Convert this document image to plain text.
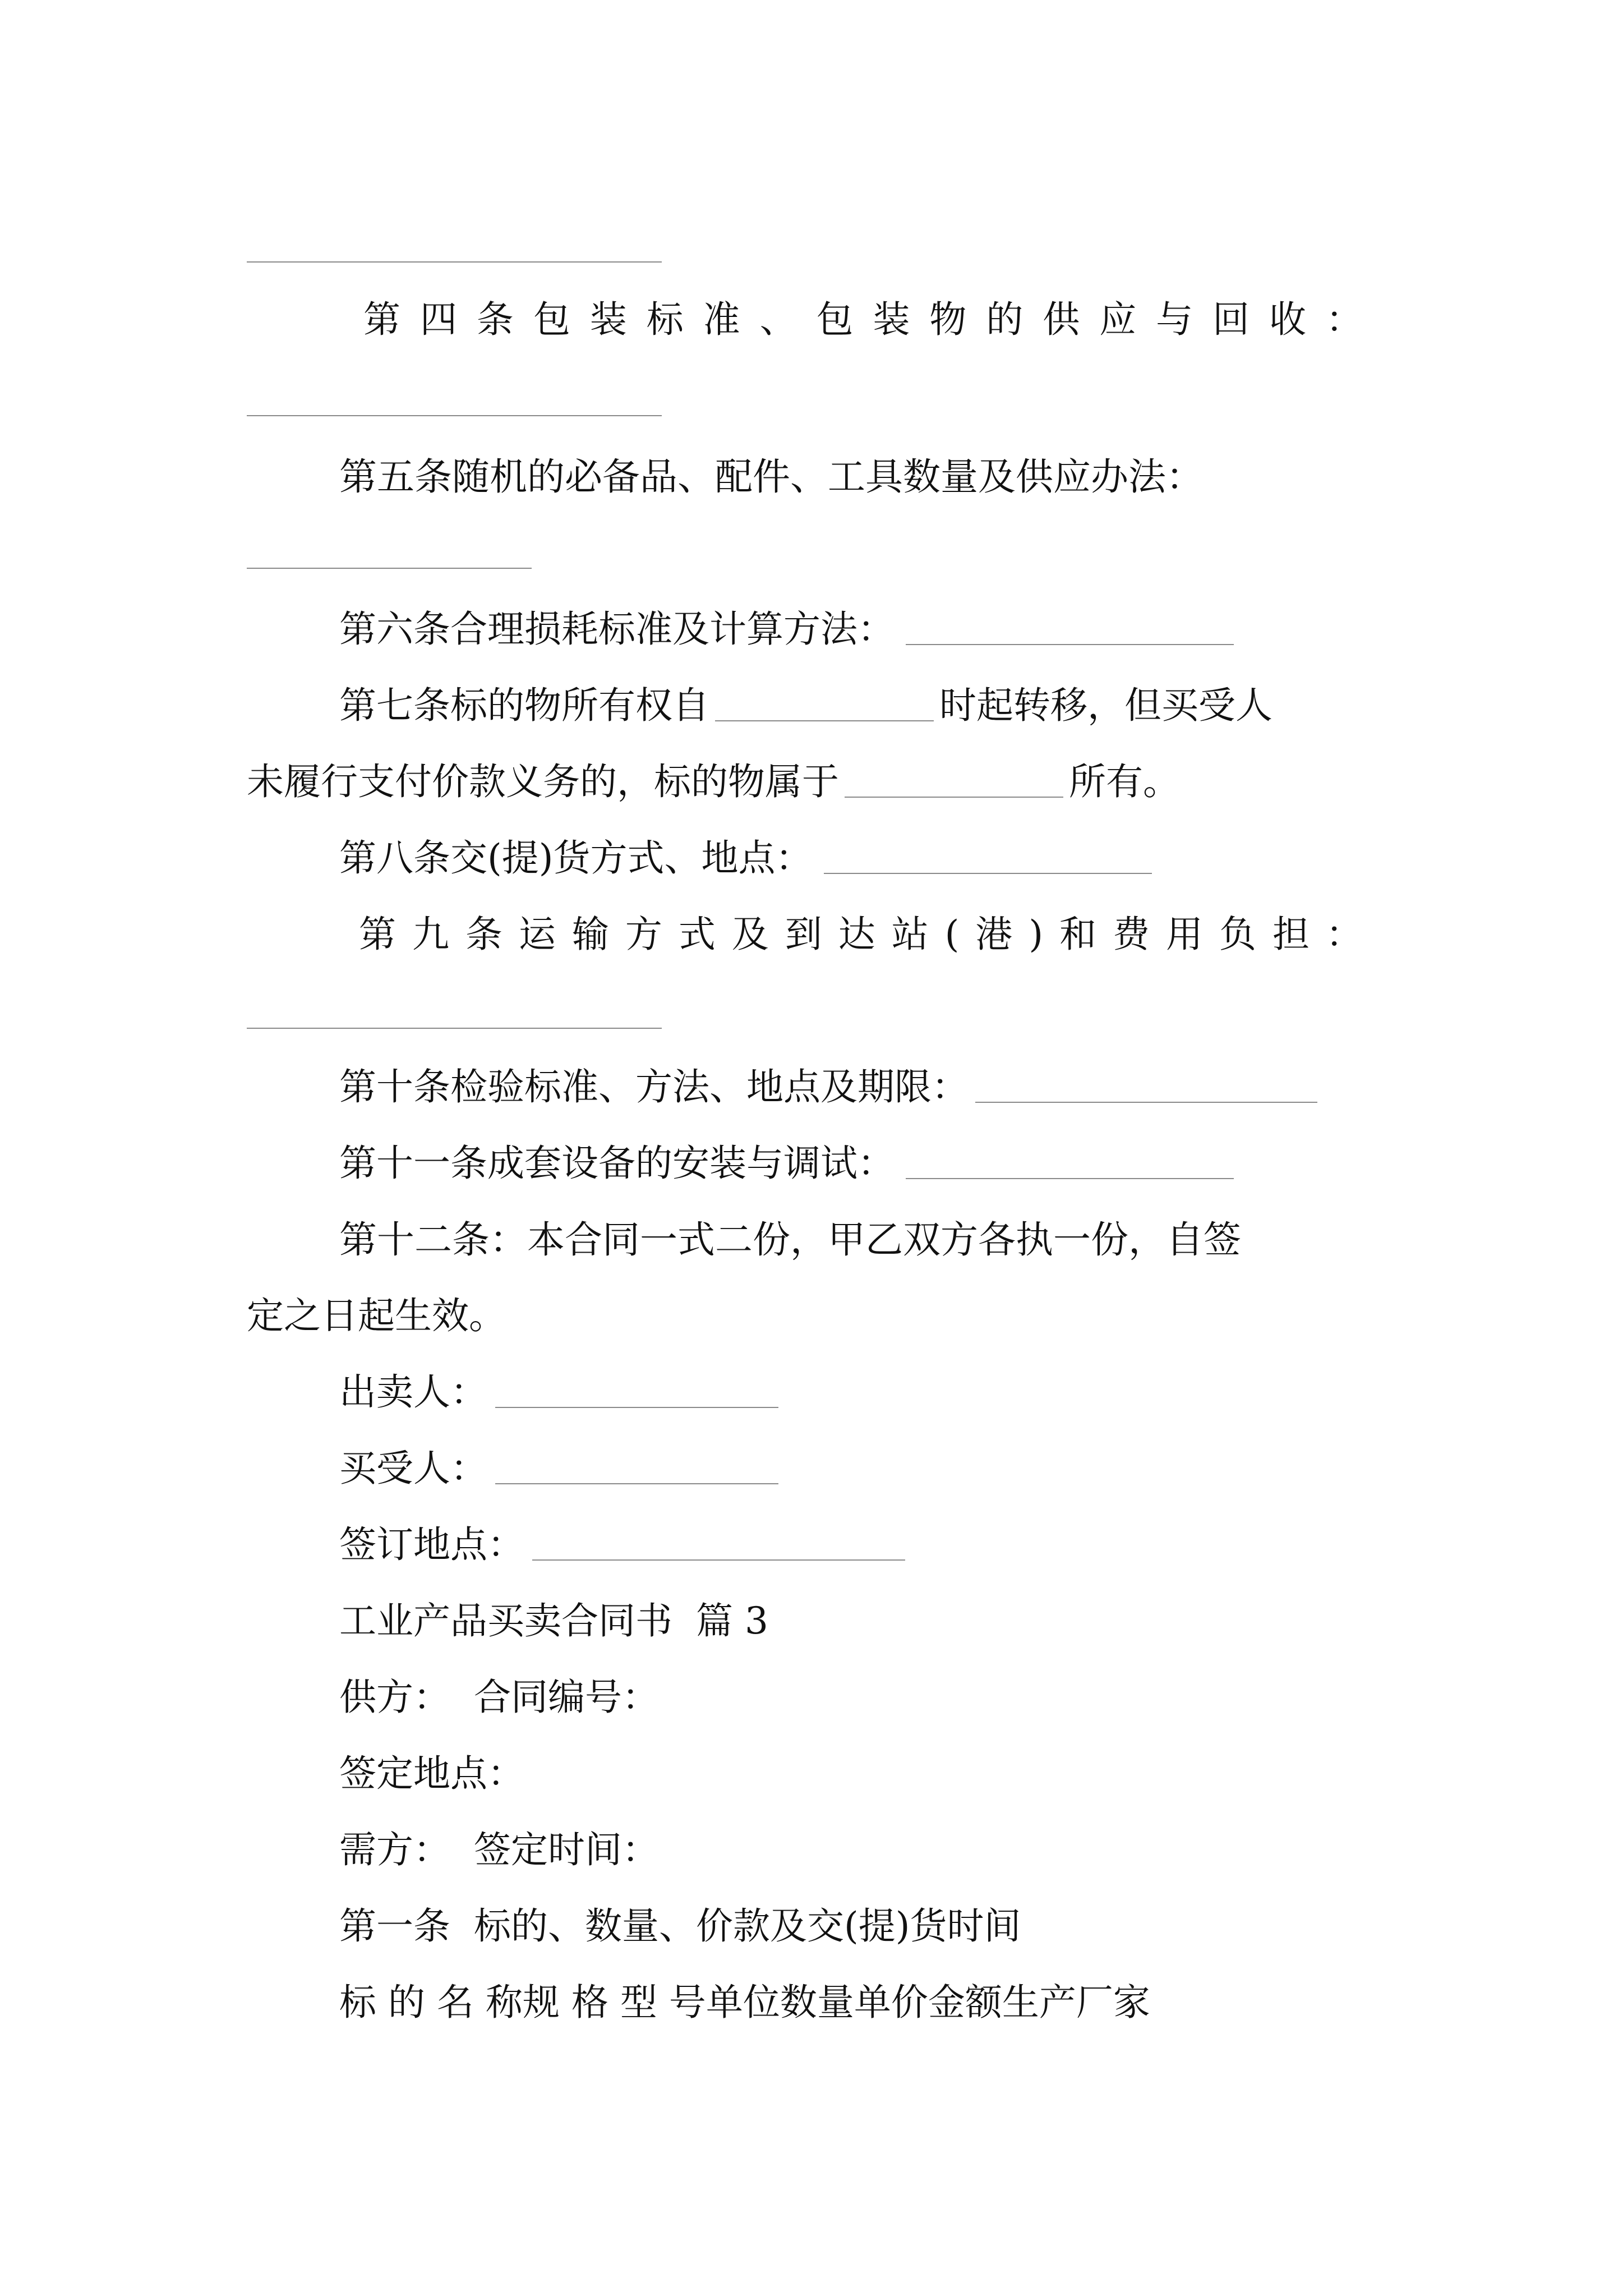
第 四 条 包 装 标 准 、 包 装 物 的 供 应 与 回 收 ：
第五条随机的必备品、配件、工具数量及供应办法：
第六条合理损耗标准及计算方法：
第七条标的物所有权自	时起转移，但买受人
未履行支付价款义务的，标的物属于	所有。
第八条交(提)货方式、地点：
第 九 条 运 输 方 式 及 到 达 站 ( 港 ) 和 费 用 负 担 ：
第十条检验标准、方法、地点及期限：
第十一条成套设备的安装与调试：
第十二条：本合同一式二份，甲乙双方各执一份，自签
定之日起生效。
出卖人：
买受人：
签订地点：
工业产品买卖合同书  篇 3
供方：  合同编号：
签定地点：
需方：  签定时间：
第一条  标的、数量、价款及交(提)货时间
标 的 名 称规 格 型 号单位数量单价金额生产厂家
